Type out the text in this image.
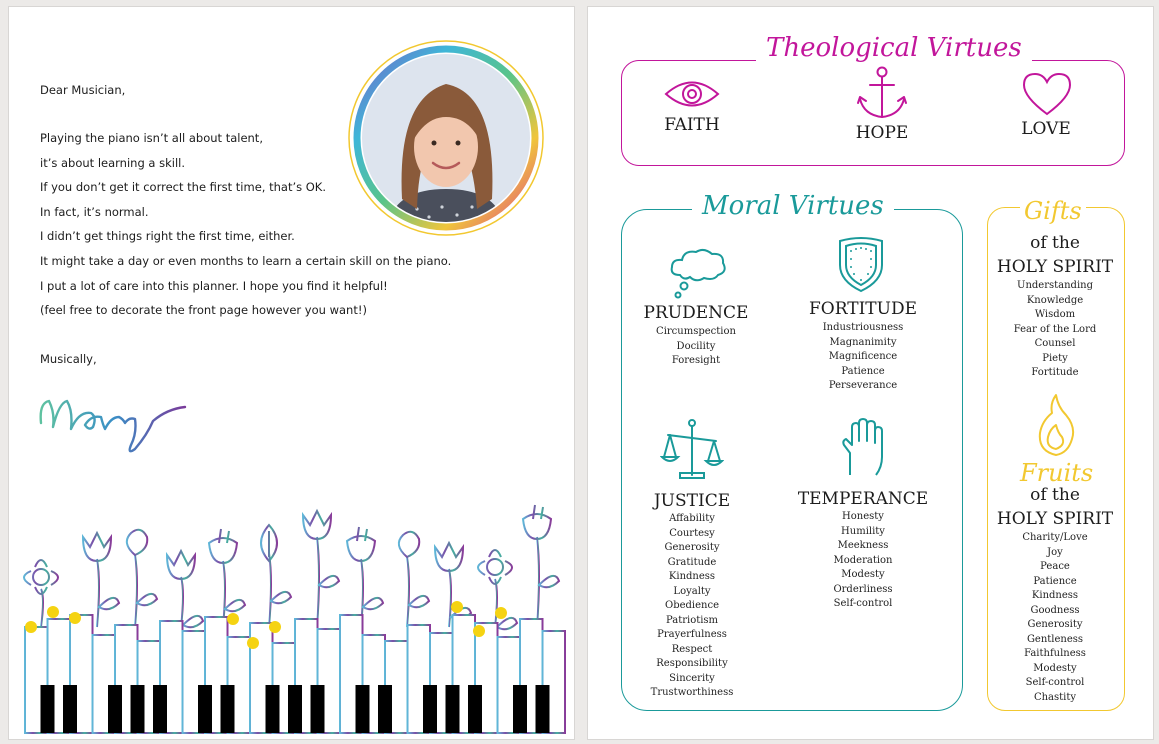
Dear Musician,
Playing the piano isn’t all about talent,
it’s about learning a skill.
If you don’t get it correct the first time, that’s OK.
In fact, it’s normal.
I didn’t get things right the first time, either.
It might take a day or even months to learn a certain skill on the piano.
I put a lot of care into this planner. I hope you find it helpful!
(feel free to decorate the front page however you want!)
Musically,
Theological Virtues
FAITH	HOPE	LOVE
Moral Virtues
PRUDENCE
Circumspection
Docility
Foresight
FORTITUDE
Industriousness
Magnanimity
Magnificence
Patience
Perseverance
JUSTICE
Affability
Courtesy
Generosity
Gratitude
Kindness
Loyalty
Obedience
Patriotism
Prayerfulness
Respect
Responsibility
Sincerity
Trustworthiness
TEMPERANCE
Honesty
Humility
Meekness
Moderation
Modesty
Orderliness
Self-control
Gifts
of the
HOLY SPIRIT
Understanding
Knowledge
Wisdom
Fear of the Lord
Counsel
Piety
Fortitude
Fruits
of the
HOLY SPIRIT
Charity/Love
Joy
Peace
Patience
Kindness
Goodness
Generosity
Gentleness
Faithfulness
Modesty
Self-control
Chastity
